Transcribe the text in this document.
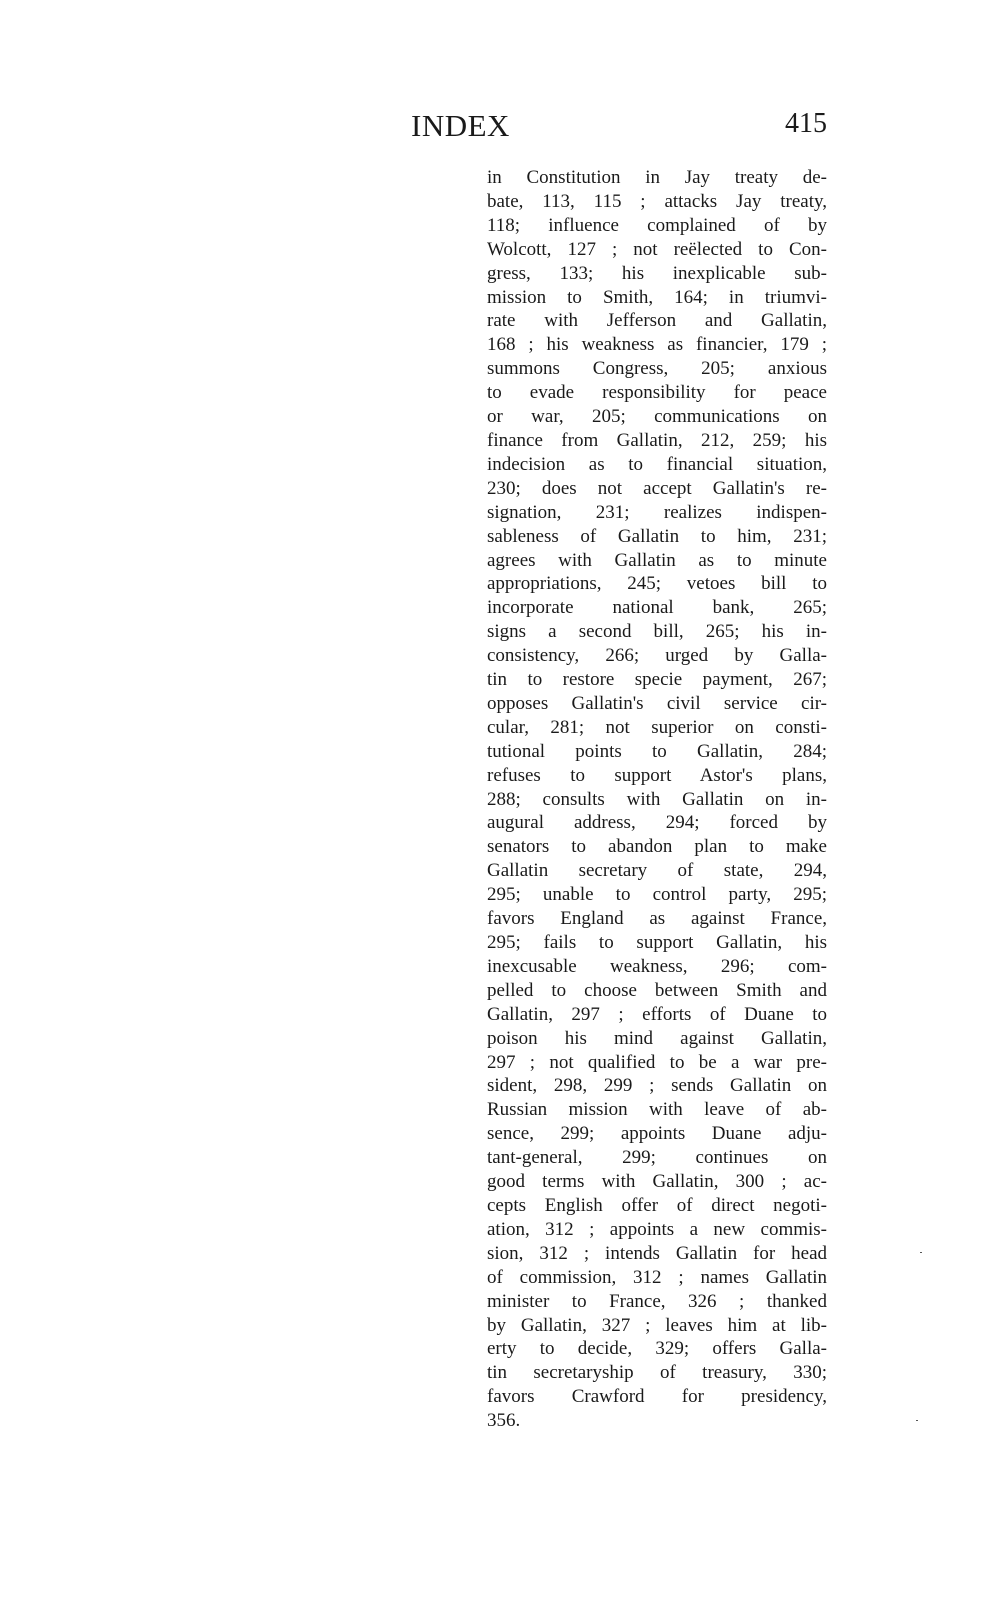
INDEX	415
in Constitution in Jay treaty de-
bate, 113, 115 ; attacks Jay treaty,
118; influence complained of by
Wolcott, 127 ; not reëlected to Con-
gress, 133; his inexplicable sub-
mission to Smith, 164; in triumvi-
rate with Jefferson and Gallatin,
168 ; his weakness as financier, 179 ;
summons Congress, 205; anxious
to evade responsibility for peace
or war, 205; communications on
finance from Gallatin, 212, 259; his
indecision as to financial situation,
230; does not accept Gallatin's re-
signation, 231; realizes indispen-
sableness of Gallatin to him, 231;
agrees with Gallatin as to minute
appropriations, 245; vetoes bill to
incorporate national bank, 265;
signs a second bill, 265; his in-
consistency, 266; urged by Galla-
tin to restore specie payment, 267;
opposes Gallatin's civil service cir-
cular, 281; not superior on consti-
tutional points to Gallatin, 284;
refuses to support Astor's plans,
288; consults with Gallatin on in-
augural address, 294; forced by
senators to abandon plan to make
Gallatin secretary of state, 294,
295; unable to control party, 295;
favors England as against France,
295; fails to support Gallatin, his
inexcusable weakness, 296; com-
pelled to choose between Smith and
Gallatin, 297 ; efforts of Duane to
poison his mind against Gallatin,
297 ; not qualified to be a war pre-
sident, 298, 299 ; sends Gallatin on
Russian mission with leave of ab-
sence, 299; appoints Duane adju-
tant-general, 299; continues on
good terms with Gallatin, 300 ; ac-
cepts English offer of direct negoti-
ation, 312 ; appoints a new commis-
sion, 312 ; intends Gallatin for head
of commission, 312 ; names Gallatin
minister to France, 326 ; thanked
by Gallatin, 327 ; leaves him at lib-
erty to decide, 329; offers Galla-
tin secretaryship of treasury, 330;
favors Crawford for presidency,
356.
